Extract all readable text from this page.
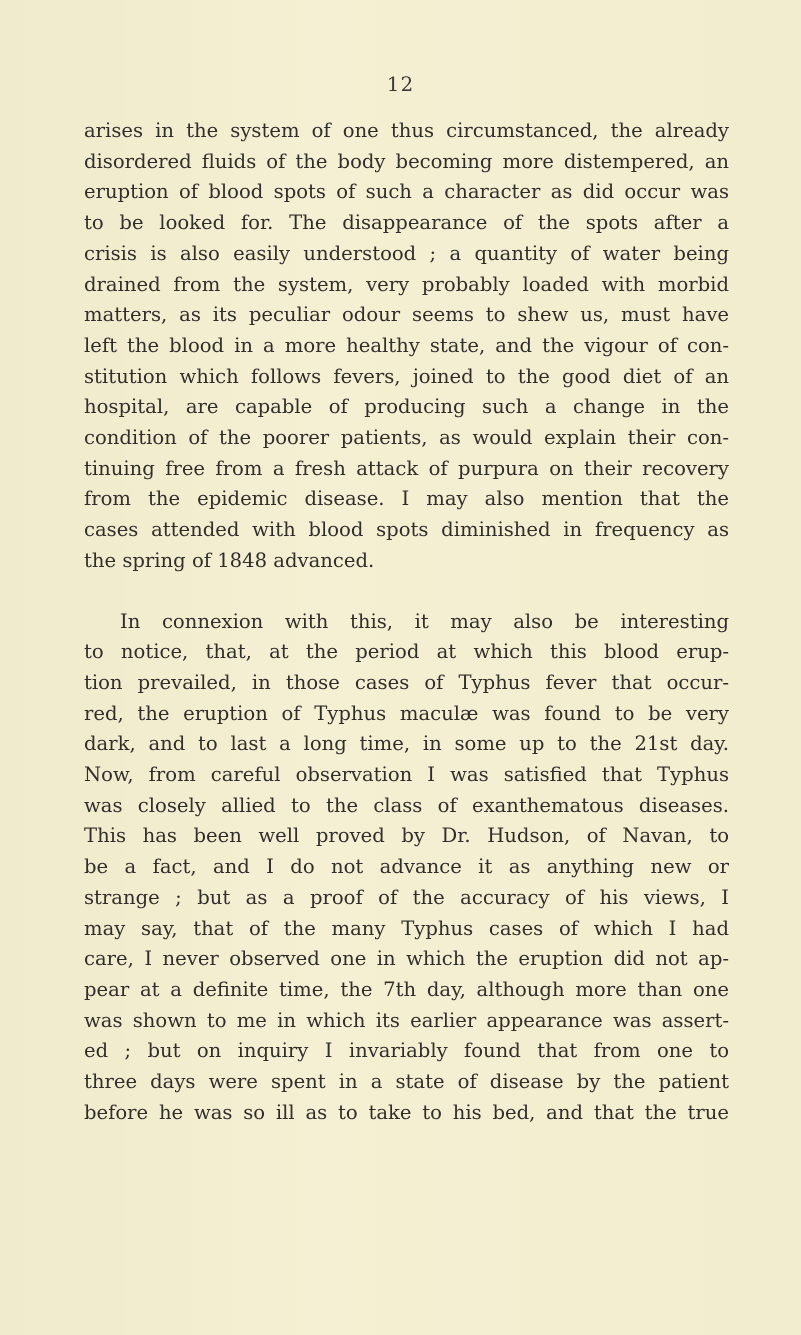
12
arises in the system of one thus circumstanced, the already
disordered fluids of the body becoming more distempered, an
eruption of blood spots of such a character as did occur was
to be looked for. The disappearance of the spots after a
crisis is also easily understood ; a quantity of water being
drained from the system, very probably loaded with morbid
matters, as its peculiar odour seems to shew us, must have
left the blood in a more healthy state, and the vigour of con-
stitution which follows fevers, joined to the good diet of an
hospital, are capable of producing such a change in the
condition of the poorer patients, as would explain their con-
tinuing free from a fresh attack of purpura on their recovery
from the epidemic disease. I may also mention that the
cases attended with blood spots diminished in frequency as
the spring of 1848 advanced.
In connexion with this, it may also be interesting
to notice, that, at the period at which this blood erup-
tion prevailed, in those cases of Typhus fever that occur-
red, the eruption of Typhus maculæ was found to be very
dark, and to last a long time, in some up to the 21st day.
Now, from careful observation I was satisfied that Typhus
was closely allied to the class of exanthematous diseases.
This has been well proved by Dr. Hudson, of Navan, to
be a fact, and I do not advance it as anything new or
strange ; but as a proof of the accuracy of his views, I
may say, that of the many Typhus cases of which I had
care, I never observed one in which the eruption did not ap-
pear at a definite time, the 7th day, although more than one
was shown to me in which its earlier appearance was assert-
ed ; but on inquiry I invariably found that from one to
three days were spent in a state of disease by the patient
before he was so ill as to take to his bed, and that the true
